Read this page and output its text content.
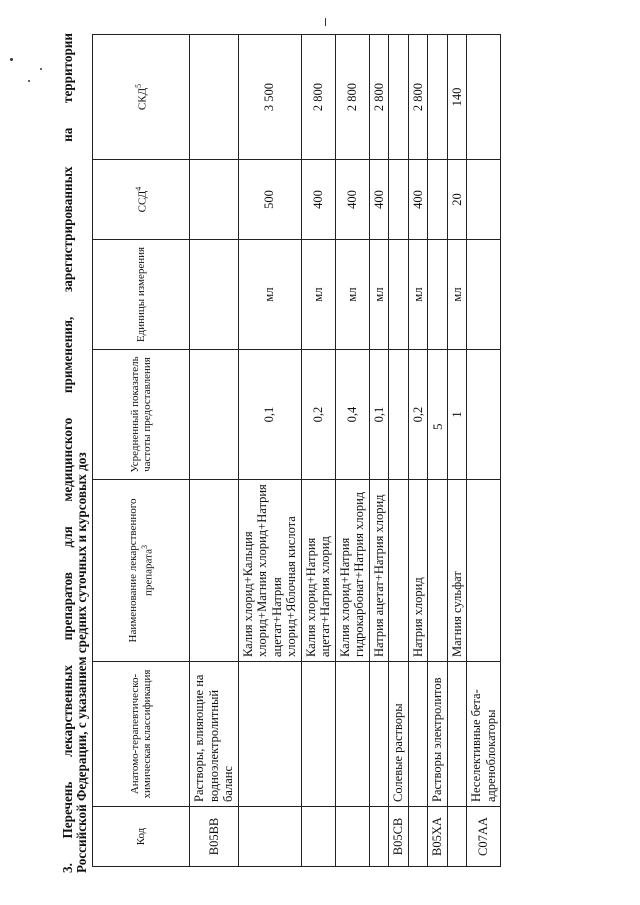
5
3. Перечень лекарственных препаратов для медицинского применения, зарегистрированных на территории Российской Федерации, с указанием средних суточных и курсовых доз
Код	Анатомо-терапевтическо-химическая классификация	Наименование лекарственного препарата$^3$	Усредненный показатель частоты предоставления	Единицы измерения	ССД$^4$	СКД$^5$
B05BB	Растворы, влияющие на водноэлектролитный баланс					
		Калия хлорид+Кальция хлорид+Магния хлорид+Натрия ацетат+Натрия хлорид+Яблочная кислота	0,1	мл	500	3 500
		Калия хлорид+Натрия ацетат+Натрия хлорид	0,2	мл	400	2 800
		Калия хлорид+Натрия гидрокарбонат+Натрия хлорид	0,4	мл	400	2 800
		Натрия ацетат+Натрия хлорид	0,1	мл	400	2 800
B05CB	Солевые растворы					
		Натрия хлорид	0,2	мл	400	2 800
B05XA	Растворы электролитов					
		Магния сульфат	1	мл	20	140
C07AA	Неселективные бета-адреноблокаторы					
